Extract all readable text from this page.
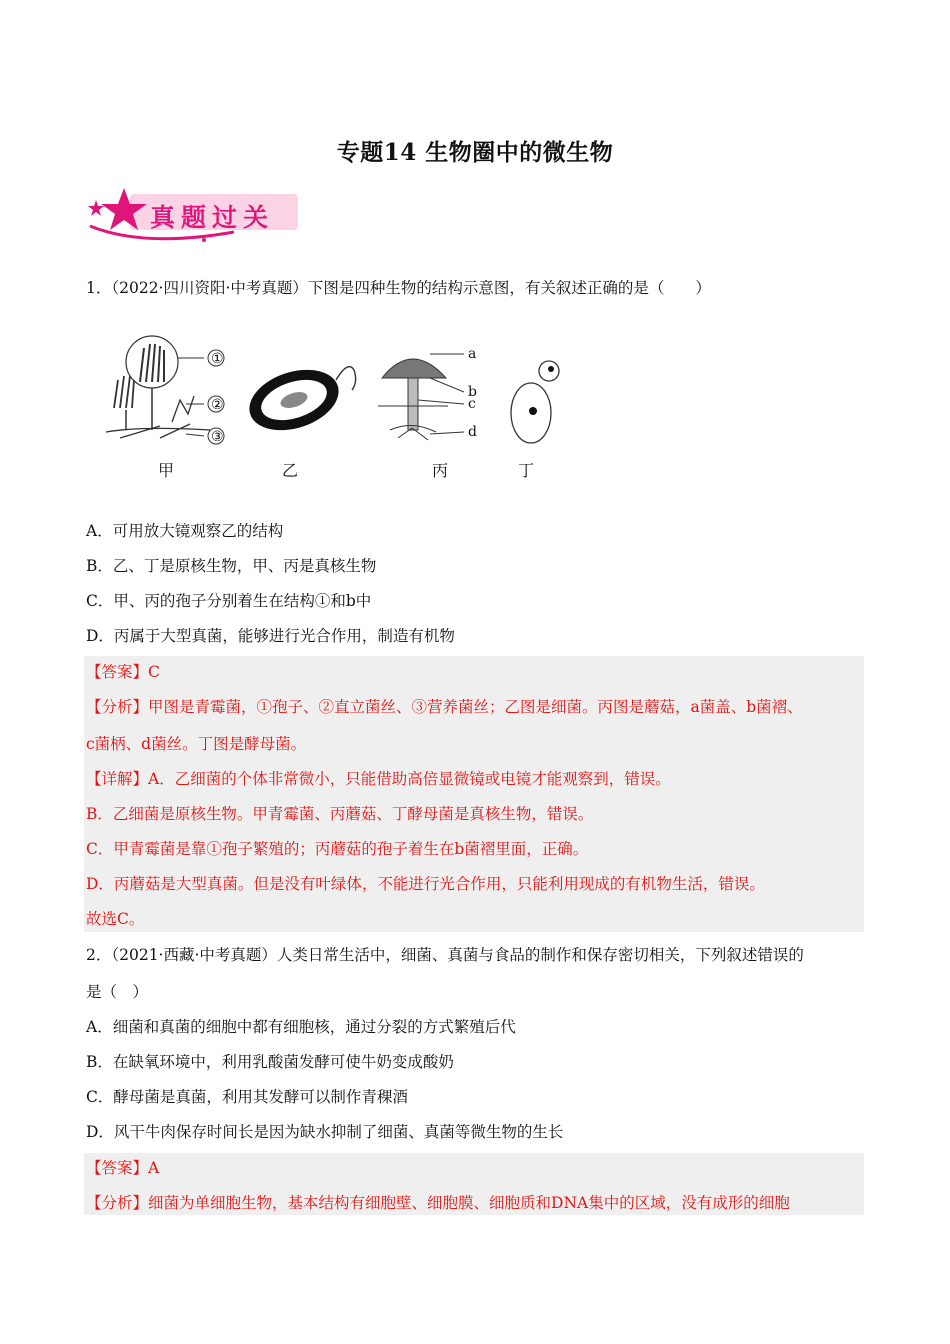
专题14 生物圈中的微生物
真题过关
1．（2022·四川资阳·中考真题）下图是四种生物的结构示意图，有关叙述正确的是（　　）
①
②
③
a
b
c
d
甲	乙	丙	丁
A．可用放大镜观察乙的结构
B．乙、丁是原核生物，甲、丙是真核生物
C．甲、丙的孢子分别着生在结构①和b中
D．丙属于大型真菌，能够进行光合作用，制造有机物
【答案】C
【分析】甲图是青霉菌，①孢子、②直立菌丝、③营养菌丝；乙图是细菌。丙图是蘑菇，a菌盖、b菌褶、
c菌柄、d菌丝。丁图是酵母菌。
【详解】A．乙细菌的个体非常微小，只能借助高倍显微镜或电镜才能观察到，错误。
B．乙细菌是原核生物。甲青霉菌、丙蘑菇、丁酵母菌是真核生物，错误。
C．甲青霉菌是靠①孢子繁殖的；丙蘑菇的孢子着生在b菌褶里面，正确。
D．丙蘑菇是大型真菌。但是没有叶绿体，不能进行光合作用，只能利用现成的有机物生活，错误。
故选C。
2．（2021·西藏·中考真题）人类日常生活中，细菌、真菌与食品的制作和保存密切相关，下列叙述错误的
是（　）
A．细菌和真菌的细胞中都有细胞核，通过分裂的方式繁殖后代
B．在缺氧环境中，利用乳酸菌发酵可使牛奶变成酸奶
C．酵母菌是真菌，利用其发酵可以制作青稞酒
D．风干牛肉保存时间长是因为缺水抑制了细菌、真菌等微生物的生长
【答案】A
【分析】细菌为单细胞生物，基本结构有细胞壁、细胞膜、细胞质和DNA集中的区域，没有成形的细胞
